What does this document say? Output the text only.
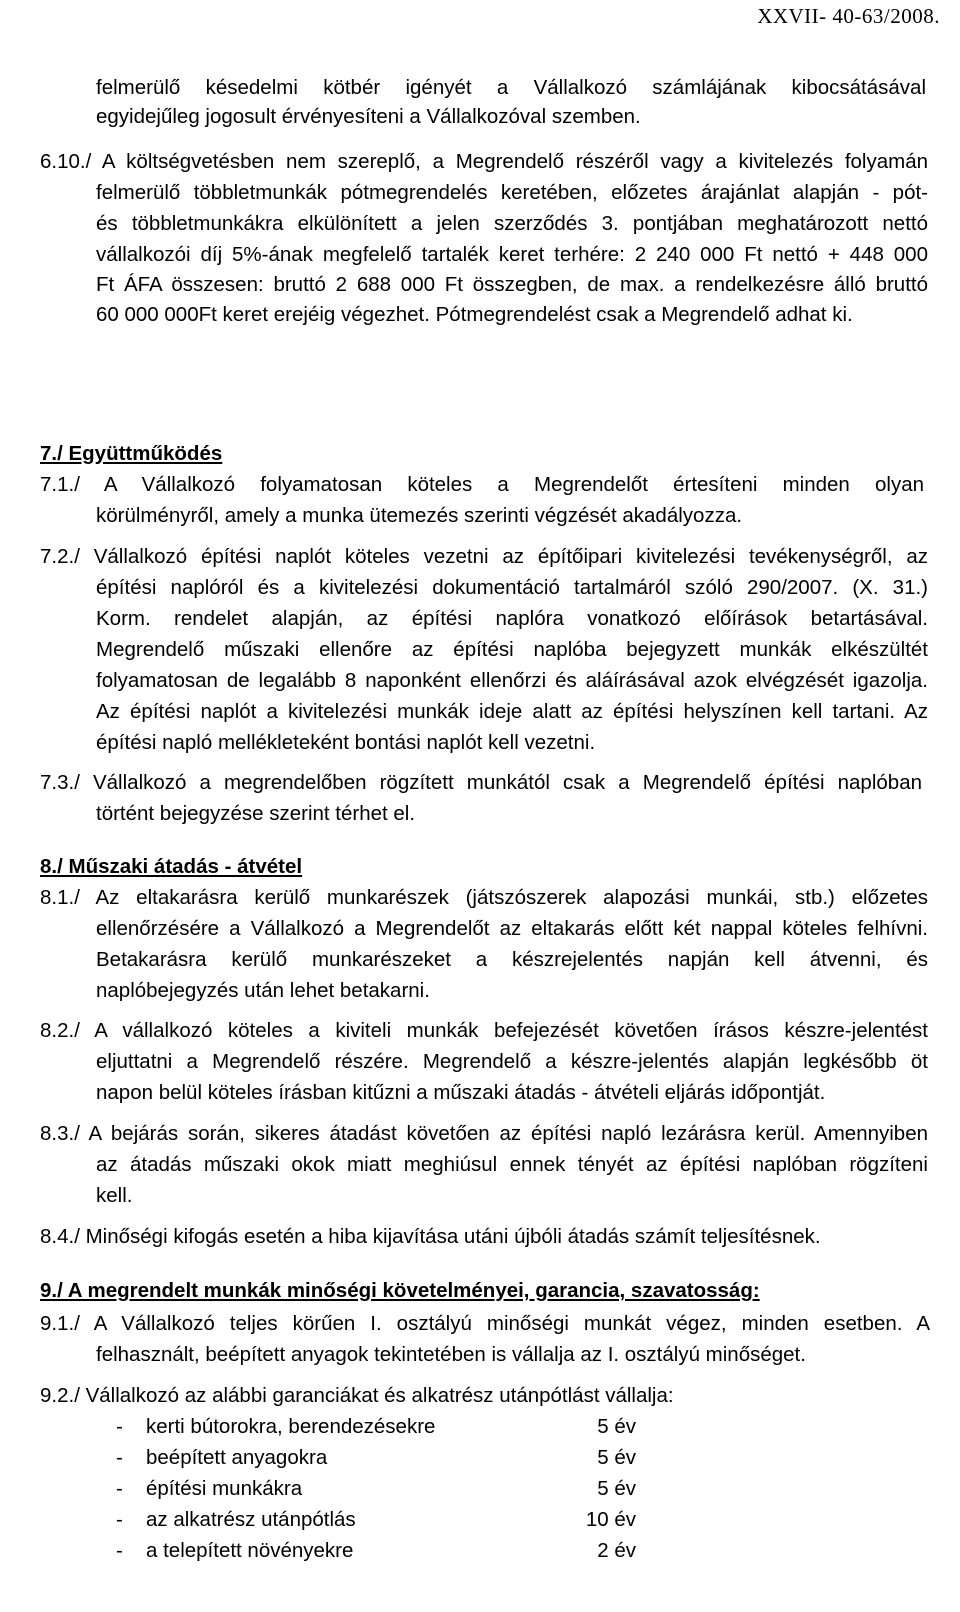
XXVII- 40-63/2008.
felmerülő késedelmi kötbér igényét a Vállalkozó számlájának kibocsátásával
egyidejűleg jogosult érvényesíteni a Vállalkozóval szemben.
6.10./ A költségvetésben nem szereplő, a Megrendelő részéről vagy a kivitelezés folyamán
felmerülő többletmunkák pótmegrendelés keretében, előzetes árajánlat alapján - pót-
és többletmunkákra elkülönített a jelen szerződés 3. pontjában meghatározott nettó
vállalkozói díj 5%-ának megfelelő tartalék keret terhére: 2 240 000 Ft nettó + 448 000
Ft ÁFA összesen: bruttó 2 688 000 Ft összegben, de max. a rendelkezésre álló bruttó
60 000 000Ft keret erejéig végezhet. Pótmegrendelést csak a Megrendelő adhat ki.
7./ Együttműködés
7.1./ A Vállalkozó folyamatosan köteles a Megrendelőt értesíteni minden olyan
körülményről, amely a munka ütemezés szerinti végzését akadályozza.
7.2./ Vállalkozó építési naplót köteles vezetni az építőipari kivitelezési tevékenységről, az
építési naplóról és a kivitelezési dokumentáció tartalmáról szóló 290/2007. (X. 31.)
Korm. rendelet alapján, az építési naplóra vonatkozó előírások betartásával.
Megrendelő műszaki ellenőre az építési naplóba bejegyzett munkák elkészültét
folyamatosan de legalább 8 naponként ellenőrzi és aláírásával azok elvégzését igazolja.
Az építési naplót a kivitelezési munkák ideje alatt az építési helyszínen kell tartani. Az
építési napló mellékleteként bontási naplót kell vezetni.
7.3./ Vállalkozó a megrendelőben rögzített munkától csak a Megrendelő építési naplóban
történt bejegyzése szerint térhet el.
8./ Műszaki átadás - átvétel
8.1./ Az eltakarásra kerülő munkarészek (játszószerek alapozási munkái, stb.) előzetes
ellenőrzésére a Vállalkozó a Megrendelőt az eltakarás előtt két nappal köteles felhívni.
Betakarásra kerülő munkarészeket a készrejelentés napján kell átvenni, és
naplóbejegyzés után lehet betakarni.
8.2./ A vállalkozó köteles a kiviteli munkák befejezését követően írásos készre-jelentést
eljuttatni a Megrendelő részére. Megrendelő a készre-jelentés alapján legkésőbb öt
napon belül köteles írásban kitűzni a műszaki átadás - átvételi eljárás időpontját.
8.3./ A bejárás során, sikeres átadást követően az építési napló lezárásra kerül. Amennyiben
az átadás műszaki okok miatt meghiúsul ennek tényét az építési naplóban rögzíteni
kell.
8.4./ Minőségi kifogás esetén a hiba kijavítása utáni újbóli átadás számít teljesítésnek.
9./ A megrendelt munkák minőségi követelményei, garancia, szavatosság:
9.1./ A Vállalkozó teljes körűen I. osztályú minőségi munkát végez, minden esetben. A
felhasznált, beépített anyagok tekintetében is vállalja az I. osztályú minőséget.
9.2./ Vállalkozó az alábbi garanciákat és alkatrész utánpótlást vállalja:
- kerti bútorokra, berendezésekre	5 év
- beépített anyagokra	5 év
- építési munkákra	5 év
- az alkatrész utánpótlás	10 év
- a telepített növényekre	2 év
